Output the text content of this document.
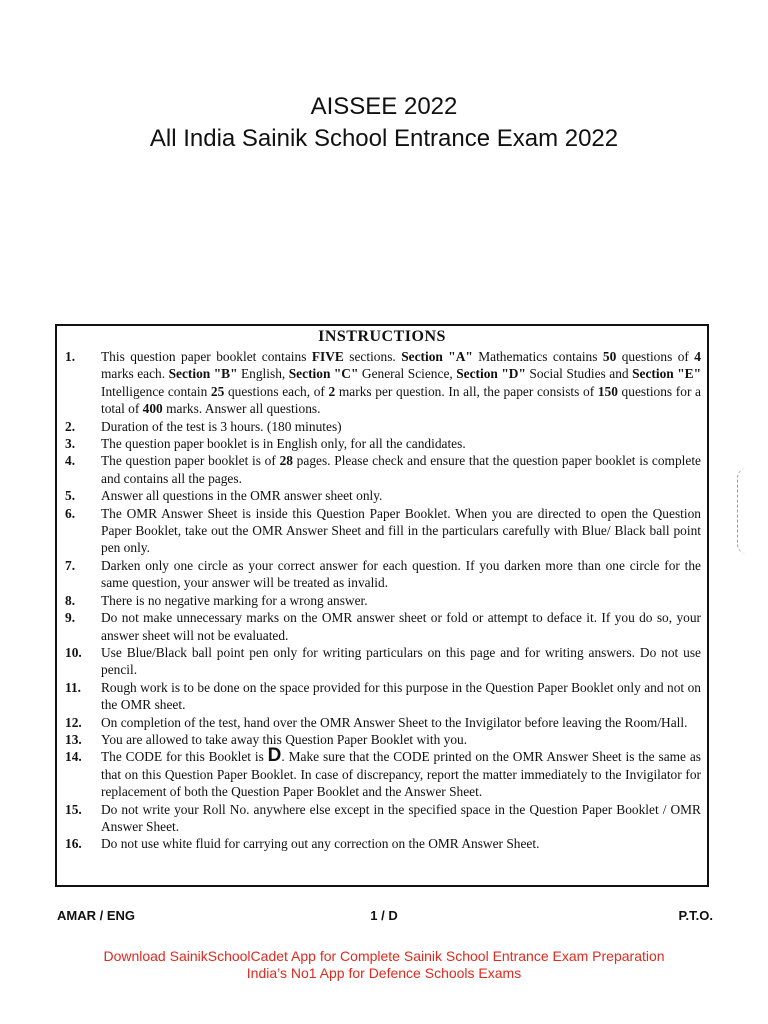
AISSEE 2022
All India Sainik School Entrance Exam 2022
INSTRUCTIONS
1. This question paper booklet contains FIVE sections. Section "A" Mathematics contains 50 questions of 4 marks each. Section "B" English, Section "C" General Science, Section "D" Social Studies and Section "E" Intelligence contain 25 questions each, of 2 marks per question. In all, the paper consists of 150 questions for a total of 400 marks. Answer all questions.
2. Duration of the test is 3 hours. (180 minutes)
3. The question paper booklet is in English only, for all the candidates.
4. The question paper booklet is of 28 pages. Please check and ensure that the question paper booklet is complete and contains all the pages.
5. Answer all questions in the OMR answer sheet only.
6. The OMR Answer Sheet is inside this Question Paper Booklet. When you are directed to open the Question Paper Booklet, take out the OMR Answer Sheet and fill in the particulars carefully with Blue/ Black ball point pen only.
7. Darken only one circle as your correct answer for each question. If you darken more than one circle for the same question, your answer will be treated as invalid.
8. There is no negative marking for a wrong answer.
9. Do not make unnecessary marks on the OMR answer sheet or fold or attempt to deface it. If you do so, your answer sheet will not be evaluated.
10. Use Blue/Black ball point pen only for writing particulars on this page and for writing answers. Do not use pencil.
11. Rough work is to be done on the space provided for this purpose in the Question Paper Booklet only and not on the OMR sheet.
12. On completion of the test, hand over the OMR Answer Sheet to the Invigilator before leaving the Room/Hall.
13. You are allowed to take away this Question Paper Booklet with you.
14. The CODE for this Booklet is D. Make sure that the CODE printed on the OMR Answer Sheet is the same as that on this Question Paper Booklet. In case of discrepancy, report the matter immediately to the Invigilator for replacement of both the Question Paper Booklet and the Answer Sheet.
15. Do not write your Roll No. anywhere else except in the specified space in the Question Paper Booklet / OMR Answer Sheet.
16. Do not use white fluid for carrying out any correction on the OMR Answer Sheet.
AMAR / ENG	1 / D	P.T.O.
Download SainikSchoolCadet App for Complete Sainik School Entrance Exam Preparation
India’s No1 App for Defence Schools Exams
